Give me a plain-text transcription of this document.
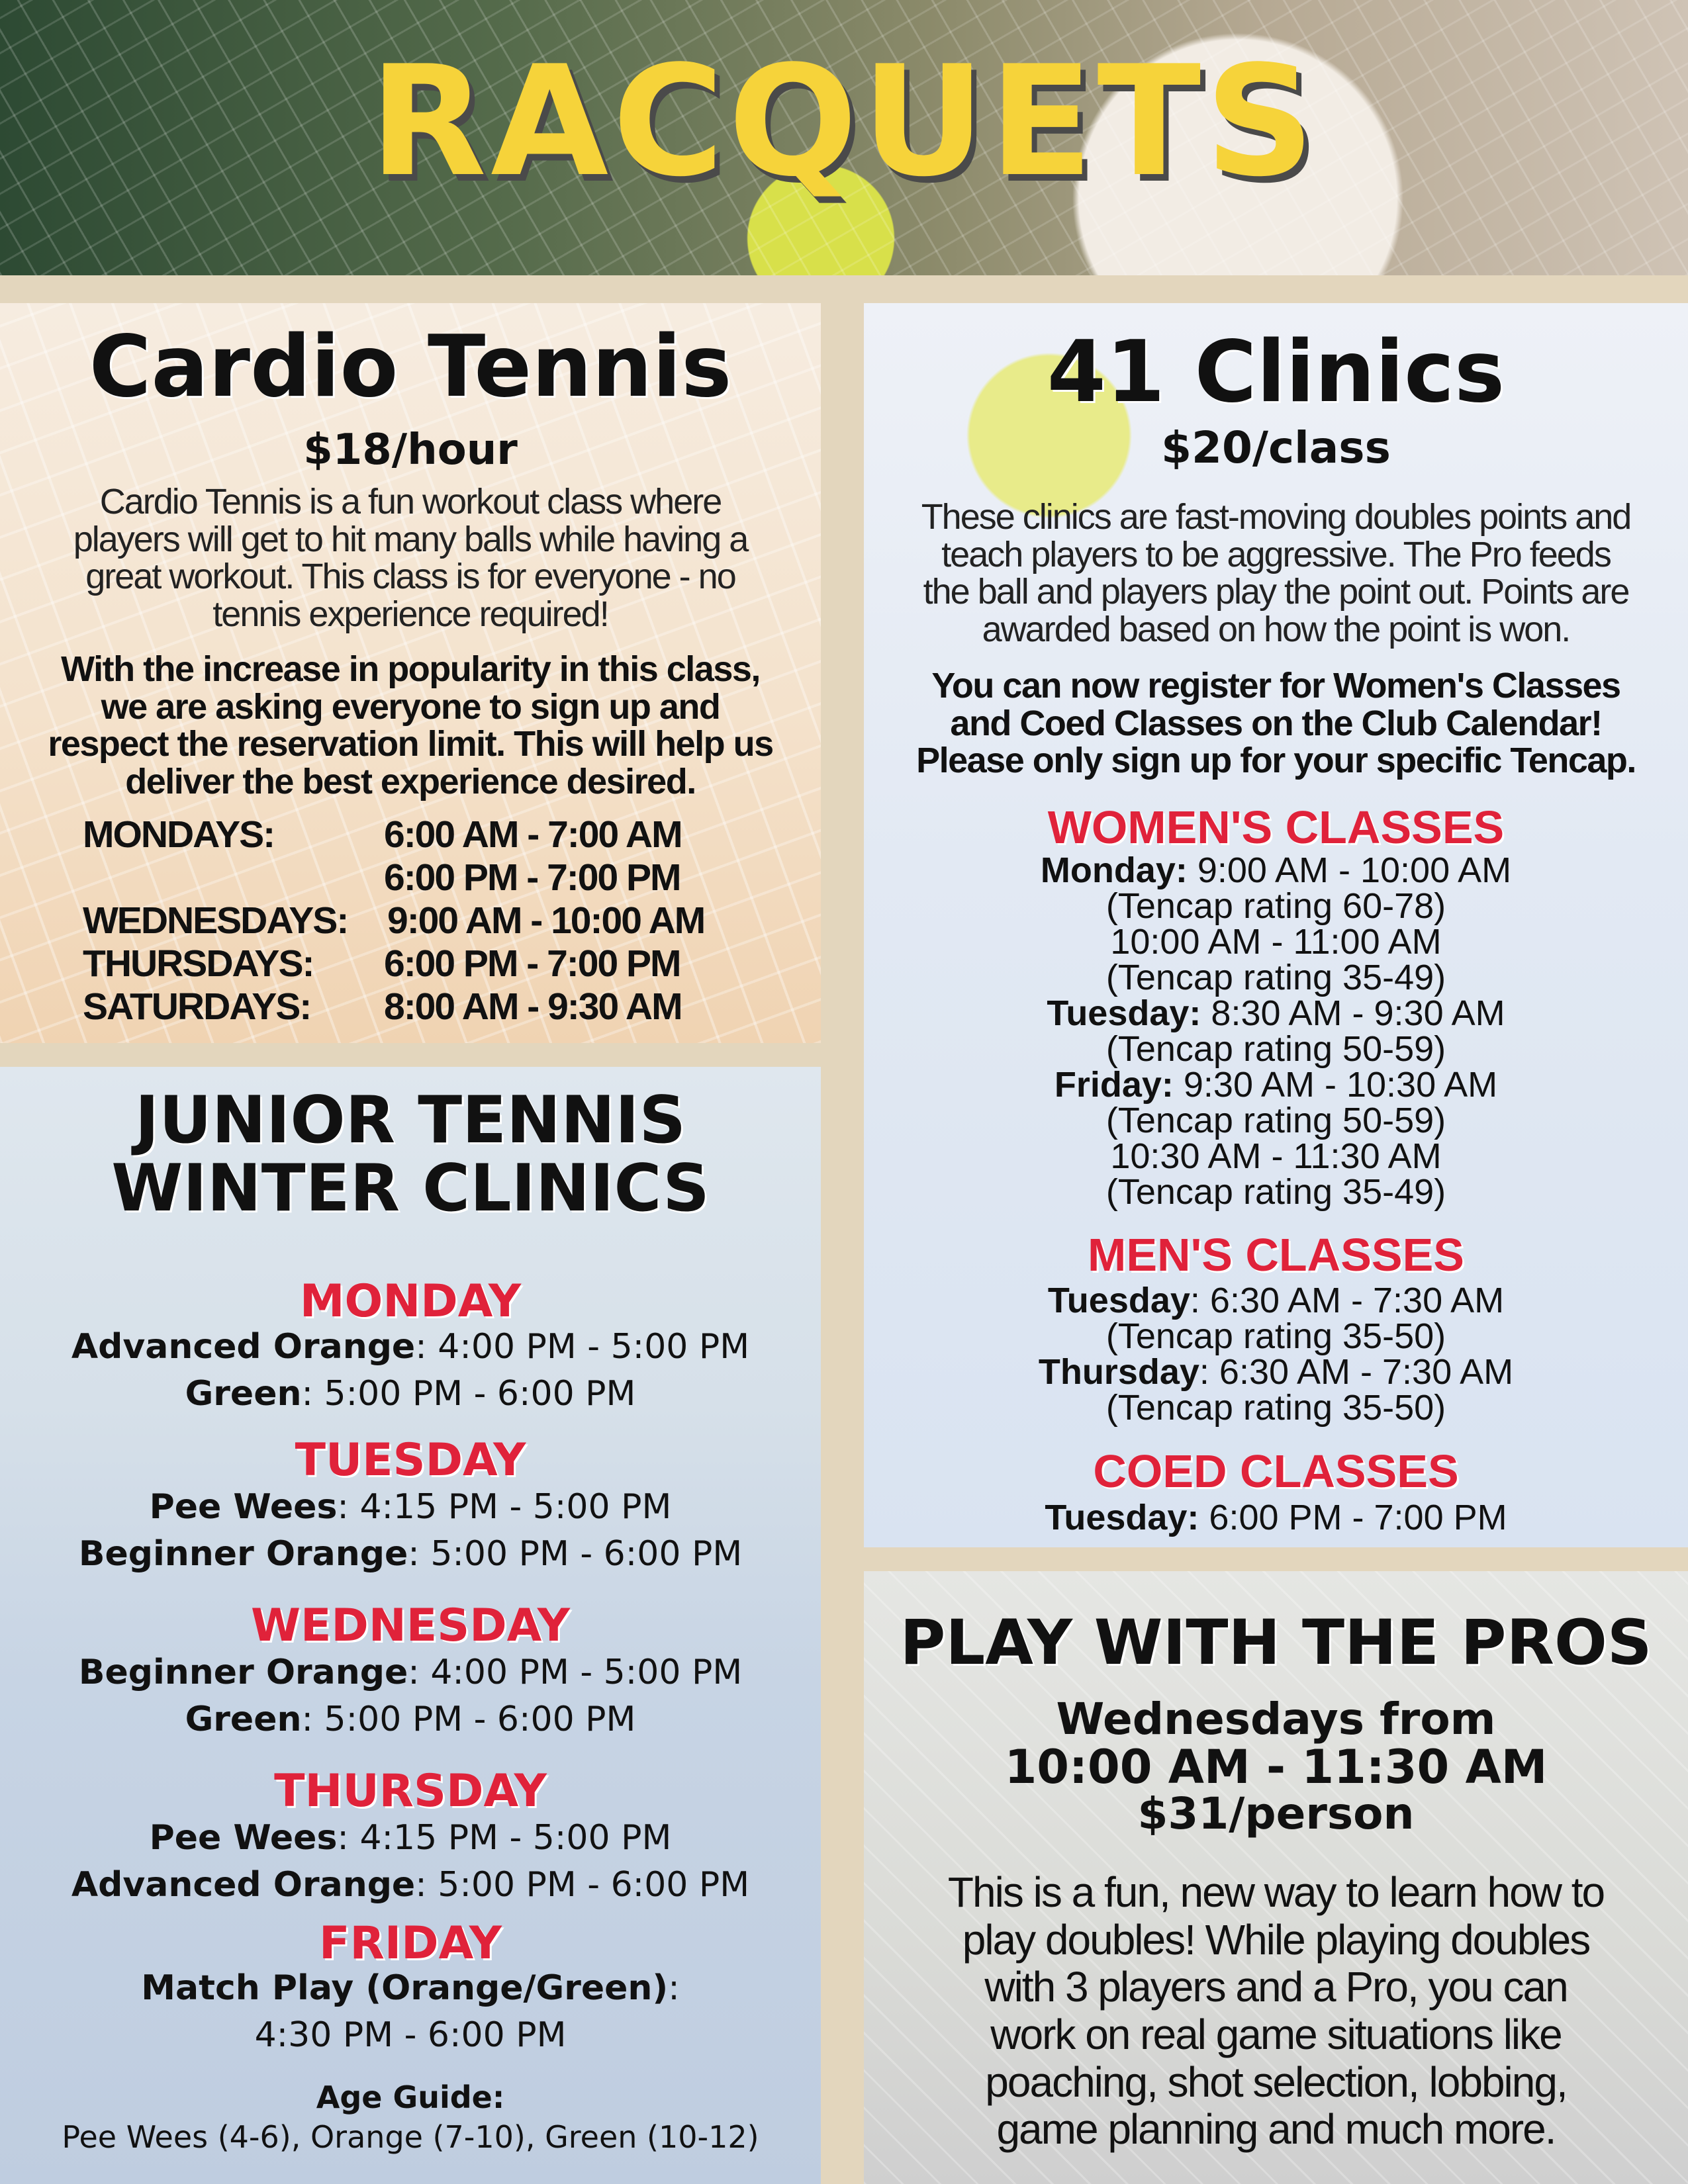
RACQUETS
Cardio Tennis
$18/hour
Cardio Tennis is a fun workout class where
players will get to hit many balls while having a
great workout. This class is for everyone - no
tennis experience required!
With the increase in popularity in this class,
we are asking everyone to sign up and
respect the reservation limit. This will help us
deliver the best experience desired.
MONDAYS:	6:00 AM - 7:00 AM
6:00 PM - 7:00 PM
WEDNESDAYS: 9:00 AM - 10:00 AM
THURSDAYS: 6:00 PM - 7:00 PM
SATURDAYS: 8:00 AM - 9:30 AM
JUNIOR TENNIS
WINTER CLINICS
MONDAY
Advanced Orange: 4:00 PM - 5:00 PM
Green: 5:00 PM - 6:00 PM
TUESDAY
Pee Wees: 4:15 PM - 5:00 PM
Beginner Orange: 5:00 PM - 6:00 PM
WEDNESDAY
Beginner Orange: 4:00 PM - 5:00 PM
Green: 5:00 PM - 6:00 PM
THURSDAY
Pee Wees: 4:15 PM - 5:00 PM
Advanced Orange: 5:00 PM - 6:00 PM
FRIDAY
Match Play (Orange/Green):
4:30 PM - 6:00 PM
Age Guide:
Pee Wees (4-6), Orange (7-10), Green (10-12)
41 Clinics
$20/class
These clinics are fast-moving doubles points and
teach players to be aggressive. The Pro feeds
the ball and players play the point out. Points are
awarded based on how the point is won.
You can now register for Women's Classes
and Coed Classes on the Club Calendar!
Please only sign up for your specific Tencap.
WOMEN'S CLASSES
Monday: 9:00 AM - 10:00 AM
(Tencap rating 60-78)
10:00 AM - 11:00 AM
(Tencap rating 35-49)
Tuesday: 8:30 AM - 9:30 AM
(Tencap rating 50-59)
Friday: 9:30 AM - 10:30 AM
(Tencap rating 50-59)
10:30 AM - 11:30 AM
(Tencap rating 35-49)
MEN'S CLASSES
Tuesday: 6:30 AM - 7:30 AM
(Tencap rating 35-50)
Thursday: 6:30 AM - 7:30 AM
(Tencap rating 35-50)
COED CLASSES
Tuesday: 6:00 PM - 7:00 PM
PLAY WITH THE PROS
Wednesdays from
10:00 AM - 11:30 AM
$31/person
This is a fun, new way to learn how to
play doubles! While playing doubles
with 3 players and a Pro, you can
work on real game situations like
poaching, shot selection, lobbing,
game planning and much more.
